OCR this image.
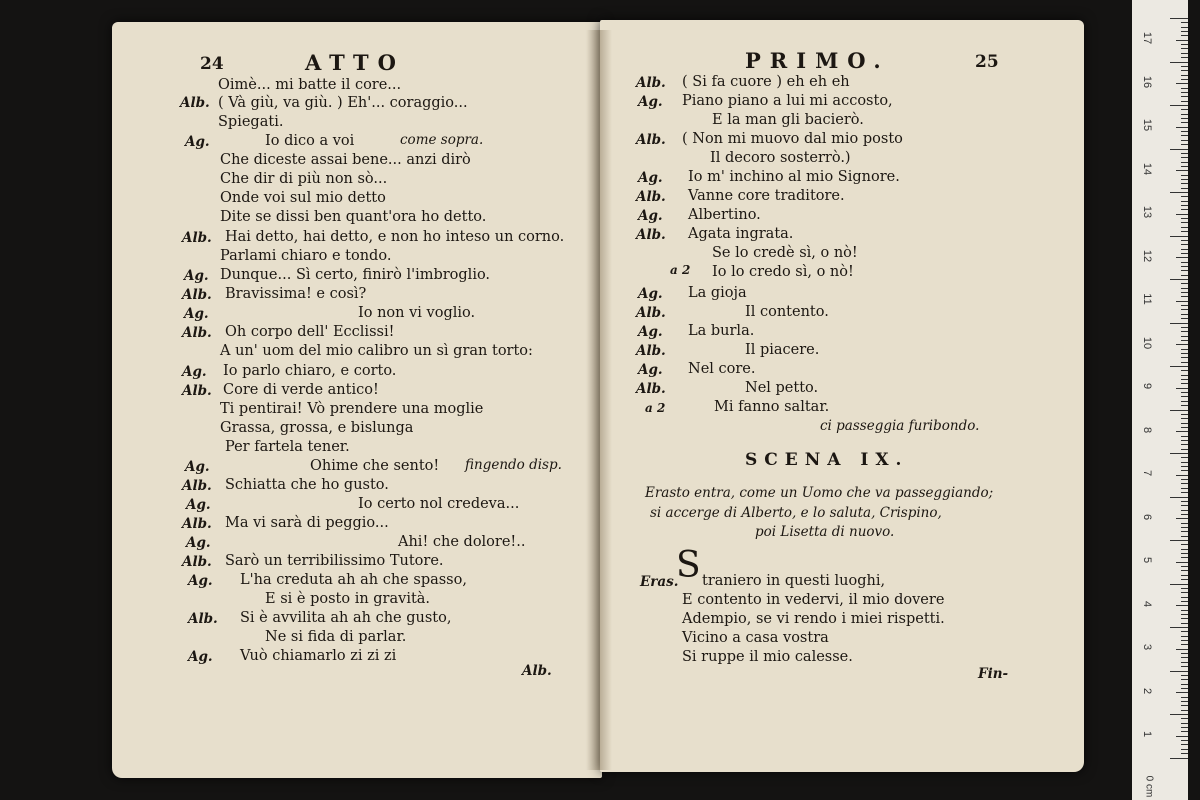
24	ATTO
Oimè... mi batte il core...
Alb. ( Và giù, va giù. ) Eh'... coraggio...
Spiegati.
Ag.	Io dico a voi	come sopra.
Che diceste assai bene... anzi dirò
Che dir di più non sò...
Onde voi sul mio detto
Dite se dissi ben quant'ora ho detto.
Alb. Hai detto, hai detto, e non ho inteso un corno.
Parlami chiaro e tondo.
Ag. Dunque... Sì certo, finirò l'imbroglio.
Alb. Bravissima! e così?
Ag.	Io non vi voglio.
Alb. Oh corpo dell' Ecclissi!
A un' uom del mio calibro un sì gran torto:
Ag. Io parlo chiaro, e corto.
Alb. Core di verde antico!
Ti pentirai! Vò prendere una moglie
Grassa, grossa, e bislunga
Per fartela tener.
Ag.	Ohime che sento! fingendo disp.
Alb. Schiatta che ho gusto.
Ag.	Io certo nol credeva...
Alb. Ma vi sarà di peggio...
Ag.	Ahi! che dolore!..
Alb. Sarò un terribilissimo Tutore.
Ag. L'ha creduta ah ah che spasso,
E si è posto in gravità.
Alb. Si è avvilita ah ah che gusto,
Ne si fida di parlar.
Ag. Vuò chiamarlo zi zi zi
Alb.
PRIMO.	25
Alb. ( Si fa cuore ) eh eh eh
Ag. Piano piano a lui mi accosto,
E la man gli bacierò.
Alb. ( Non mi muovo dal mio posto
Il decoro sosterrò.)
Ag. Io m' inchino al mio Signore.
Alb. Vanne core traditore.
Ag. Albertino.
Alb. Agata ingrata.
Se lo credè sì, o nò!
a 2 Io lo credo sì, o nò!
Ag. La gioja
Alb.	Il contento.
Ag. La burla.
Alb.	Il piacere.
Ag. Nel core.
Alb.	Nel petto.
a 2	Mi fanno saltar.
ci passeggia furibondo.
SCENA IX.
Erasto entra, come un Uomo che va passeggiando;
si accerge di Alberto, e lo saluta, Crispino,
poi Lisetta di nuovo.
Eras.
S traniero in questi luoghi,
E contento in vedervi, il mio dovere
Adempio, se vi rendo i miei rispetti.
Vicino a casa vostra
Si ruppe il mio calesse.
Fin-
17
16
15
14
13
12
11
10
9
8
7
6
5
4
3
2
1
0 cm
